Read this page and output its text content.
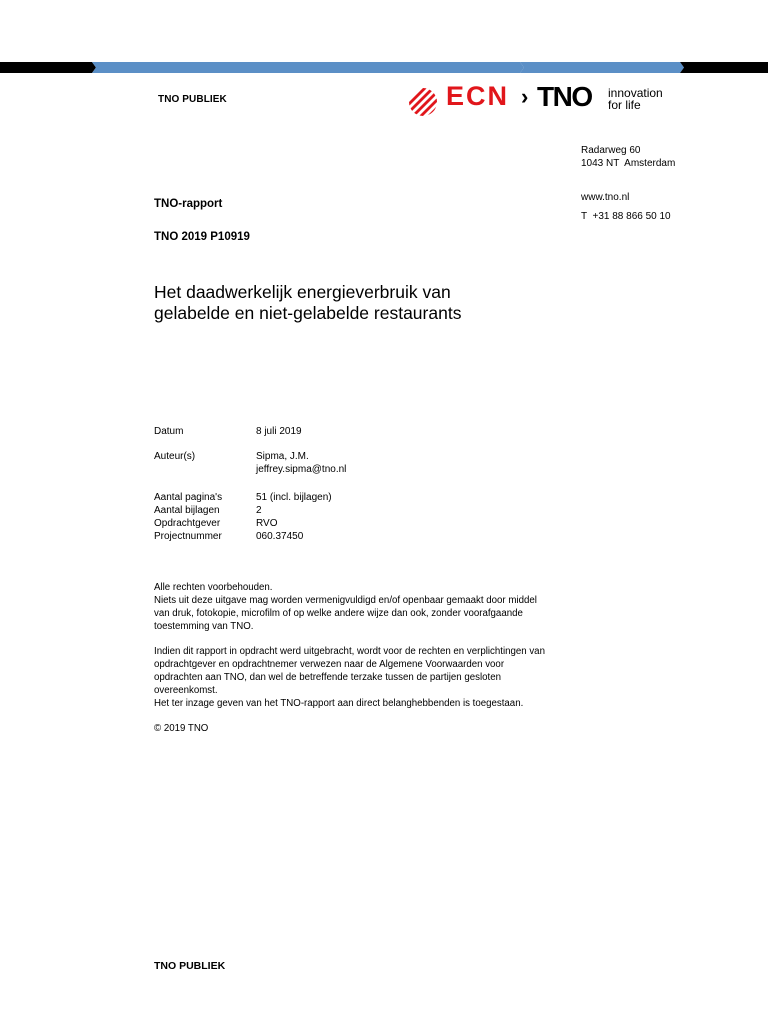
TNO PUBLIEK	ECN › TNO innovation
for life
Radarweg 60
1043 NT  Amsterdam
www.tno.nl
T  +31 88 866 50 10
TNO-rapport
TNO 2019 P10919
Het daadwerkelijk energieverbruik van
gelabelde en niet-gelabelde restaurants
Datum	8 juli 2019
Auteur(s)	Sipma, J.M.
jeffrey.sipma@tno.nl
Aantal pagina's	51 (incl. bijlagen)
Aantal bijlagen	2
Opdrachtgever	RVO
Projectnummer	060.37450

Alle rechten voorbehouden.
Niets uit deze uitgave mag worden vermenigvuldigd en/of openbaar gemaakt door middel
van druk, fotokopie, microfilm of op welke andere wijze dan ook, zonder voorafgaande
toestemming van TNO.

Indien dit rapport in opdracht werd uitgebracht, wordt voor de rechten en verplichtingen van
opdrachtgever en opdrachtnemer verwezen naar de Algemene Voorwaarden voor
opdrachten aan TNO, dan wel de betreffende terzake tussen de partijen gesloten
overeenkomst.
Het ter inzage geven van het TNO-rapport aan direct belanghebbenden is toegestaan.

© 2019 TNO

TNO PUBLIEK
